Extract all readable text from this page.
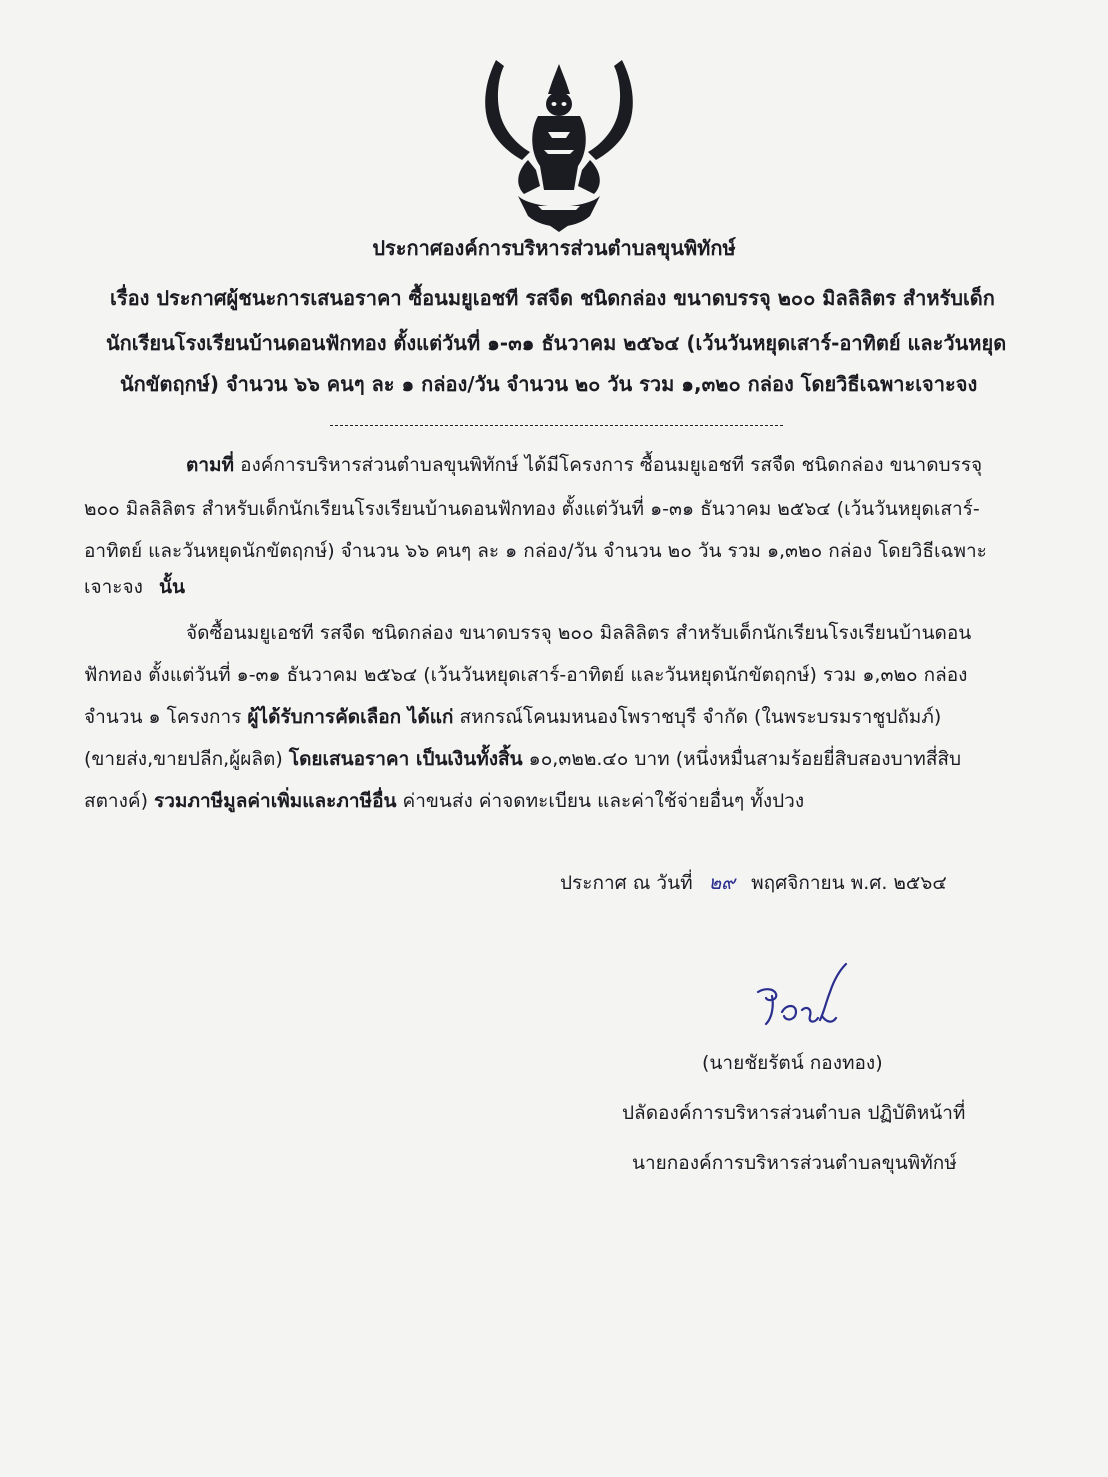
ประกาศองค์การบริหารส่วนตำบลขุนพิทักษ์
เรื่อง ประกาศผู้ชนะการเสนอราคา ซื้อนมยูเอชที รสจืด ชนิดกล่อง ขนาดบรรจุ ๒๐๐ มิลลิลิตร สำหรับเด็ก
นักเรียนโรงเรียนบ้านดอนฟักทอง ตั้งแต่วันที่ ๑-๓๑ ธันวาคม ๒๕๖๔ (เว้นวันหยุดเสาร์-อาทิตย์ และวันหยุด
นักขัตฤกษ์) จำนวน ๖๖ คนๆ ละ ๑ กล่อง/วัน จำนวน ๒๐ วัน รวม ๑,๓๒๐ กล่อง โดยวิธีเฉพาะเจาะจง
ตามที่ องค์การบริหารส่วนตำบลขุนพิทักษ์ ได้มีโครงการ ซื้อนมยูเอชที รสจืด ชนิดกล่อง ขนาดบรรจุ
๒๐๐ มิลลิลิตร สำหรับเด็กนักเรียนโรงเรียนบ้านดอนฟักทอง ตั้งแต่วันที่ ๑-๓๑ ธันวาคม ๒๕๖๔ (เว้นวันหยุดเสาร์-
อาทิตย์ และวันหยุดนักขัตฤกษ์) จำนวน ๖๖ คนๆ ละ ๑ กล่อง/วัน จำนวน ๒๐ วัน รวม ๑,๓๒๐ กล่อง โดยวิธีเฉพาะ
เจาะจง นั้น
จัดซื้อนมยูเอชที รสจืด ชนิดกล่อง ขนาดบรรจุ ๒๐๐ มิลลิลิตร สำหรับเด็กนักเรียนโรงเรียนบ้านดอน
ฟักทอง ตั้งแต่วันที่ ๑-๓๑ ธันวาคม ๒๕๖๔ (เว้นวันหยุดเสาร์-อาทิตย์ และวันหยุดนักขัตฤกษ์) รวม ๑,๓๒๐ กล่อง
จำนวน ๑ โครงการ ผู้ได้รับการคัดเลือก ได้แก่ สหกรณ์โคนมหนองโพราชบุรี จำกัด (ในพระบรมราชูปถัมภ์)
(ขายส่ง,ขายปลีก,ผู้ผลิต) โดยเสนอราคา เป็นเงินทั้งสิ้น ๑๐,๓๒๒.๔๐ บาท (หนึ่งหมื่นสามร้อยยี่สิบสองบาทสี่สิบ
สตางค์) รวมภาษีมูลค่าเพิ่มและภาษีอื่น ค่าขนส่ง ค่าจดทะเบียน และค่าใช้จ่ายอื่นๆ ทั้งปวง
ประกาศ ณ วันที่ ๒๙ พฤศจิกายน พ.ศ. ๒๕๖๔
(นายชัยรัตน์ กองทอง)
ปลัดองค์การบริหารส่วนตำบล ปฏิบัติหน้าที่
นายกองค์การบริหารส่วนตำบลขุนพิทักษ์
